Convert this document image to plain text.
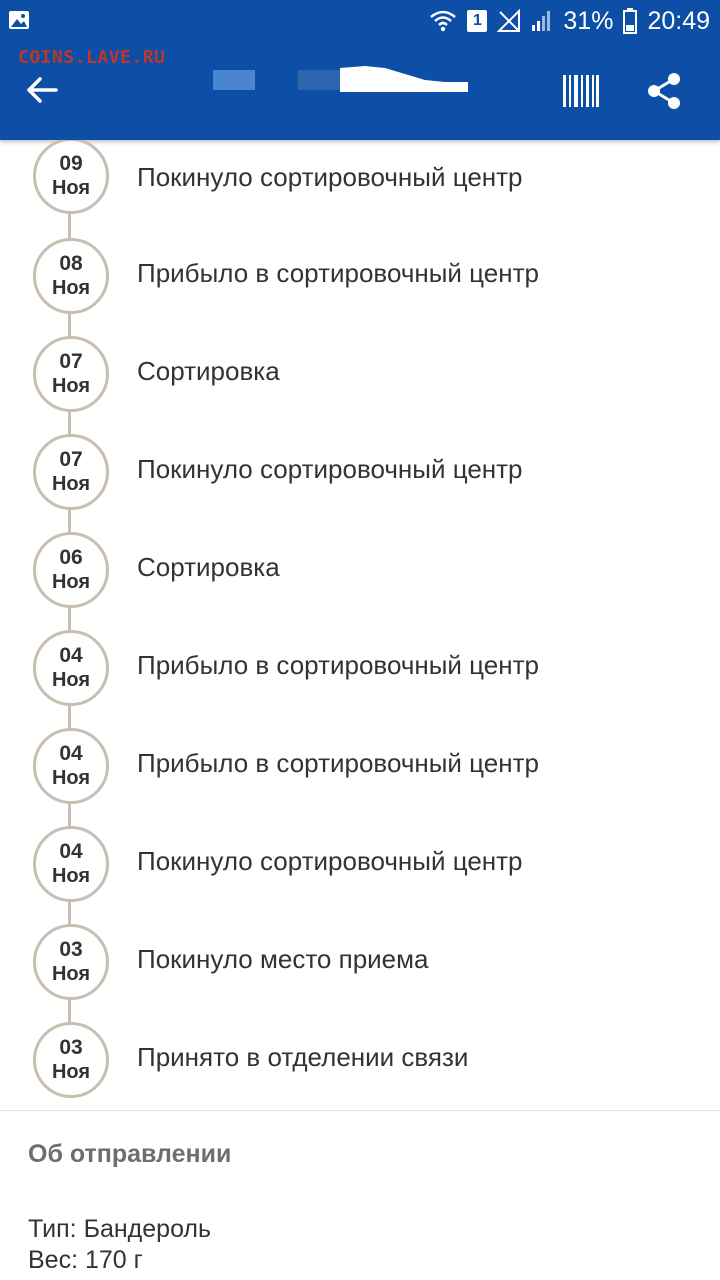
1	31% 20:49
COINS.LAVE.RU
09
Ноя Покинуло сортировочный центр
08
Ноя Прибыло в сортировочный центр
07
Ноя Сортировка
07
Ноя Покинуло сортировочный центр
06
Ноя Сортировка
04
Ноя Прибыло в сортировочный центр
04
Ноя Прибыло в сортировочный центр
04
Ноя Покинуло сортировочный центр
03
Ноя Покинуло место приема
03
Ноя Принято в отделении связи
Об отправлении
Тип: Бандероль
Вес: 170 г
